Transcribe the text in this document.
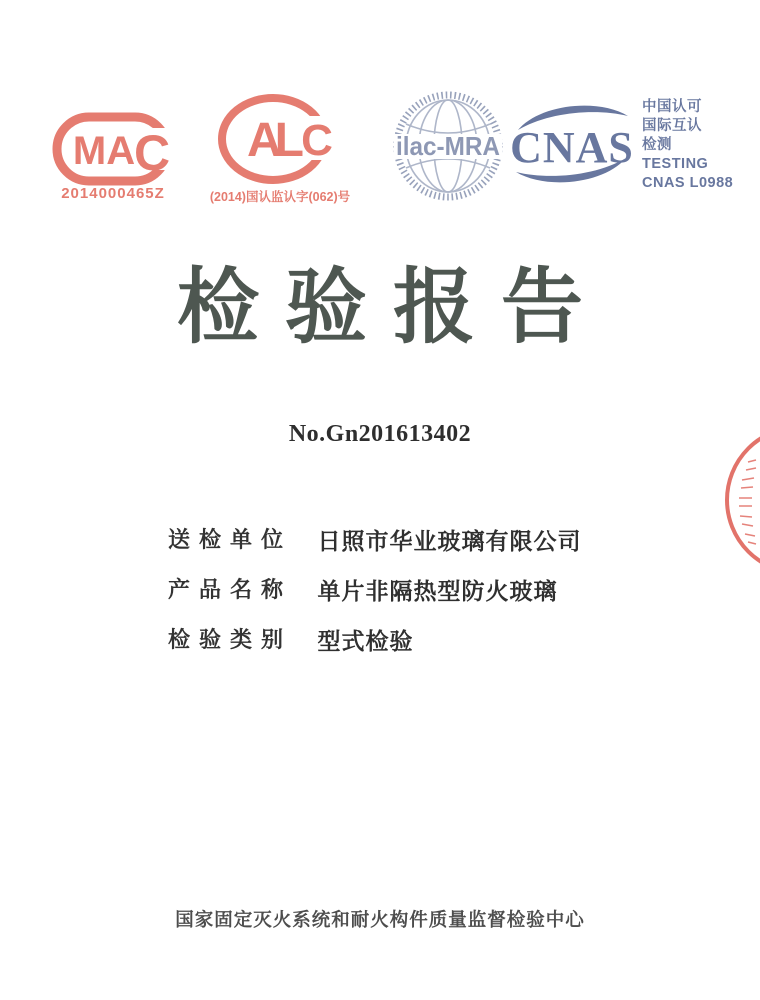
MA
C
2014000465Z
AL C
(2014)国认监认字(062)号
ilac-MRA CNAS
中国认可
国际互认
检测
TESTING
CNAS L0988
检验报告
No.Gn201613402
送检单位 日照市华业玻璃有限公司
产品名称 单片非隔热型防火玻璃
检验类别 型式检验
国家固定灭火系统和耐火构件质量监督检验中心
